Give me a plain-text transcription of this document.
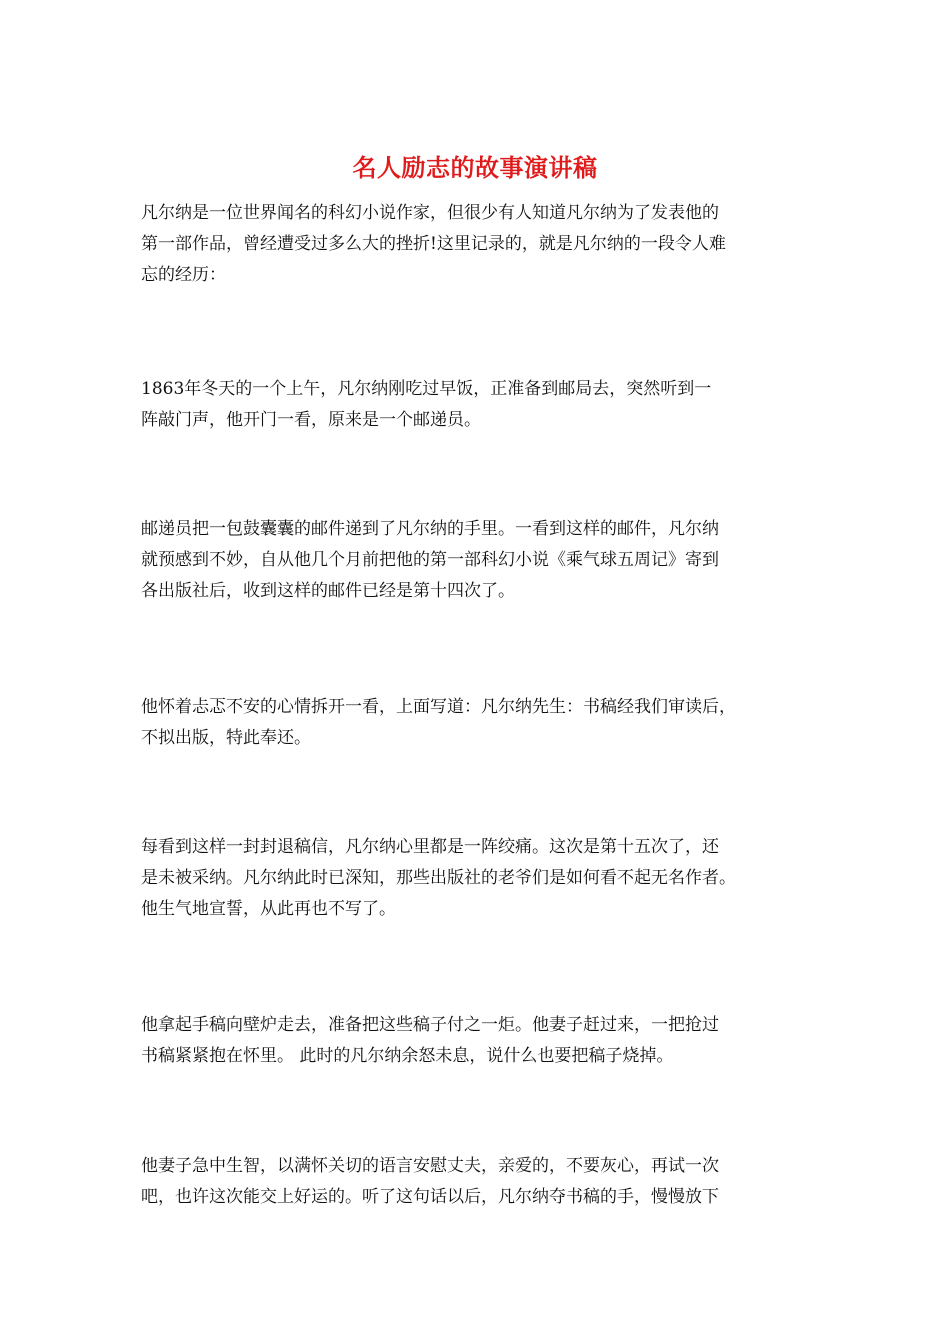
名人励志的故事演讲稿

凡尔纳是一位世界闻名的科幻小说作家，但很少有人知道凡尔纳为了发表他的
第一部作品，曾经遭受过多么大的挫折!这里记录的，就是凡尔纳的一段令人难
忘的经历：

1863年冬天的一个上午，凡尔纳刚吃过早饭，正准备到邮局去，突然听到一
阵敲门声，他开门一看，原来是一个邮递员。

邮递员把一包鼓囊囊的邮件递到了凡尔纳的手里。一看到这样的邮件，凡尔纳
就预感到不妙，自从他几个月前把他的第一部科幻小说《乘气球五周记》寄到
各出版社后，收到这样的邮件已经是第十四次了。

他怀着忐忑不安的心情拆开一看，上面写道：凡尔纳先生：书稿经我们审读后，
不拟出版，特此奉还。

每看到这样一封封退稿信，凡尔纳心里都是一阵绞痛。这次是第十五次了，还
是未被采纳。凡尔纳此时已深知，那些出版社的老爷们是如何看不起无名作者。
他生气地宣誓，从此再也不写了。

他拿起手稿向壁炉走去，准备把这些稿子付之一炬。他妻子赶过来，一把抢过
书稿紧紧抱在怀里。 此时的凡尔纳余怒未息，说什么也要把稿子烧掉。

他妻子急中生智，以满怀关切的语言安慰丈夫，亲爱的，不要灰心，再试一次
吧，也许这次能交上好运的。听了这句话以后，凡尔纳夺书稿的手，慢慢放下
